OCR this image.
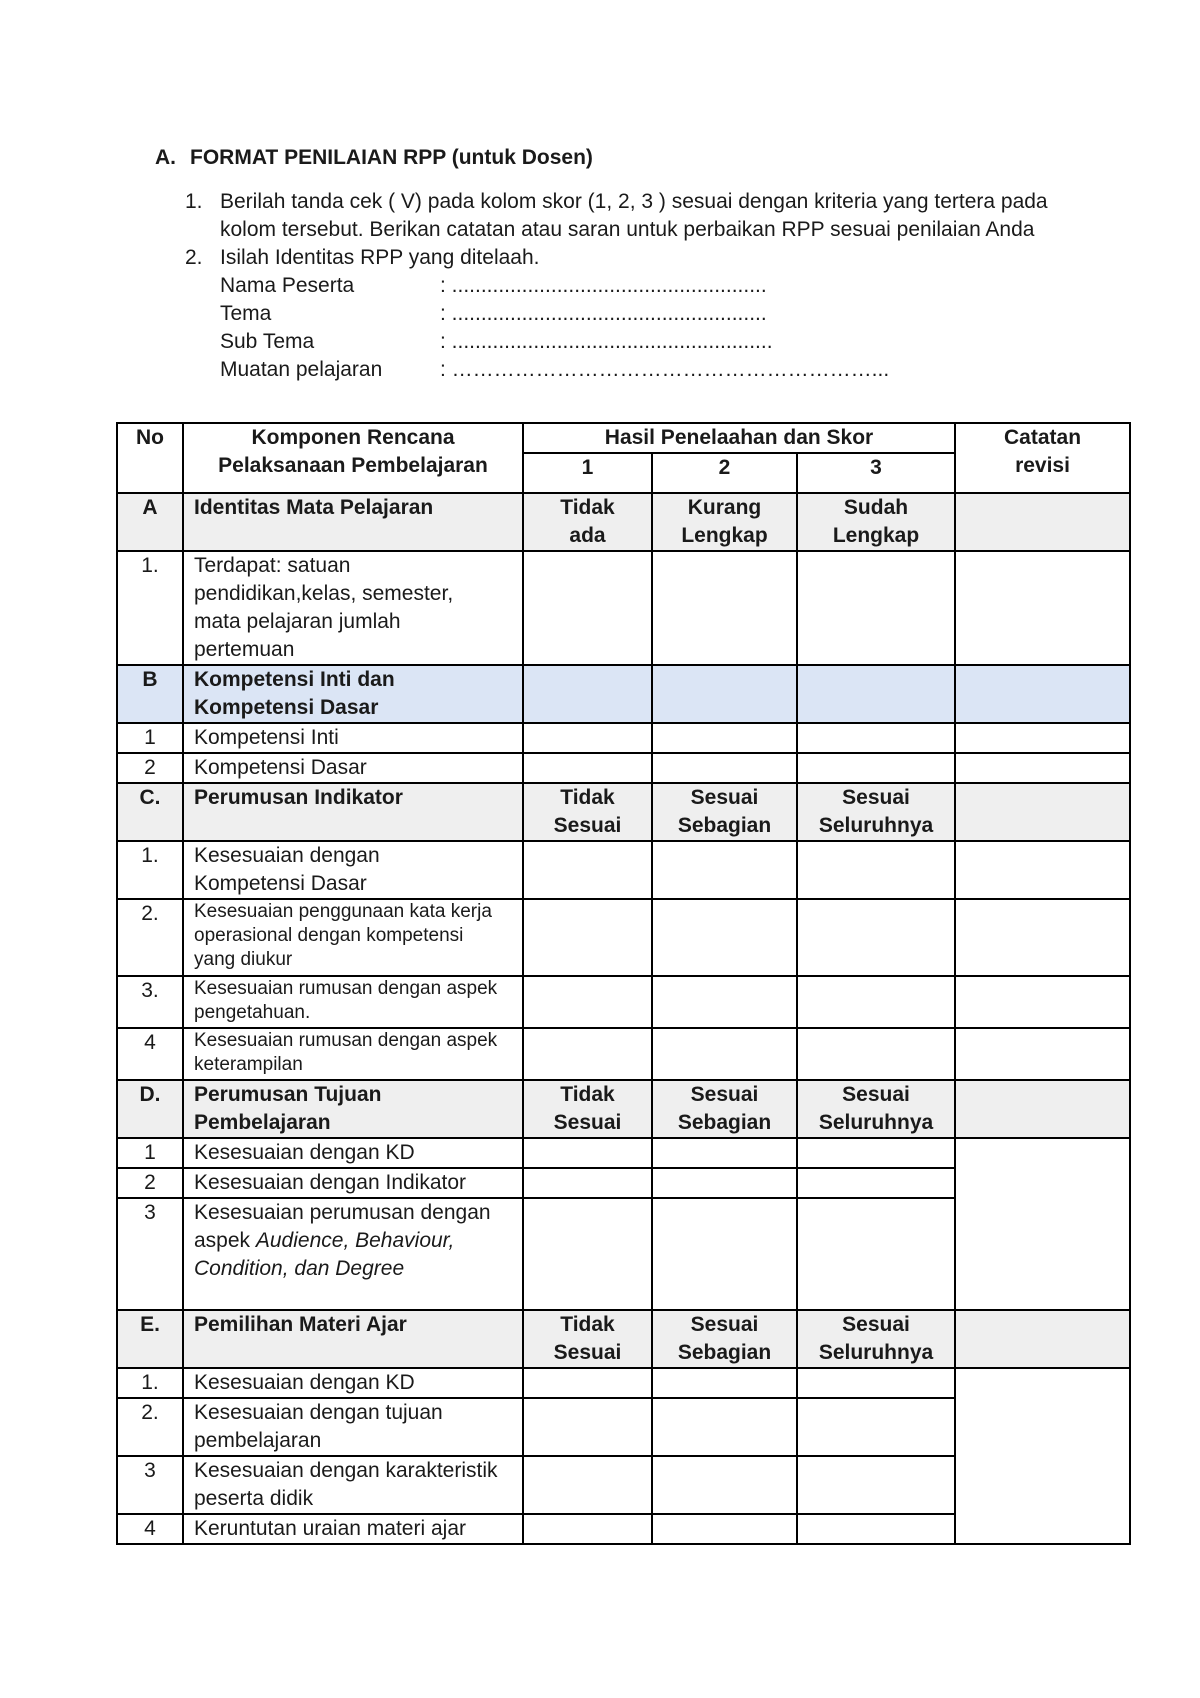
A. FORMAT PENILAIAN RPP (untuk Dosen)
1. Berilah tanda cek ( V) pada kolom skor (1, 2, 3 ) sesuai dengan kriteria yang tertera pada kolom tersebut. Berikan catatan atau saran untuk perbaikan RPP sesuai penilaian Anda
2. Isilah Identitas RPP yang ditelaah.
Nama Peserta	: ......................................................
Tema	: ......................................................
Sub Tema	: .......................................................
Muatan pelajaran	: ……………………………………………………...
No	Komponen Rencana Pelaksanaan Pembelajaran	Hasil Penelaahan dan Skor			Catatan revisi
		1	2	3	
A	Identitas Mata Pelajaran	Tidak ada	Kurang Lengkap	Sudah Lengkap	
1.	Terdapat: satuan pendidikan,kelas, semester, mata pelajaran jumlah pertemuan				
B	Kompetensi Inti dan Kompetensi Dasar				
1	Kompetensi Inti				
2	Kompetensi Dasar				
C.	Perumusan Indikator	Tidak Sesuai	Sesuai Sebagian	Sesuai Seluruhnya	
1.	Kesesuaian dengan Kompetensi Dasar				
2.	Kesesuaian penggunaan kata kerja operasional dengan kompetensi yang diukur				
3.	Kesesuaian rumusan dengan aspek pengetahuan.				
4	Kesesuaian rumusan dengan aspek keterampilan				
D.	Perumusan Tujuan Pembelajaran	Tidak Sesuai	Sesuai Sebagian	Sesuai Seluruhnya	
1	Kesesuaian dengan KD				
2	Kesesuaian dengan Indikator				
3	Kesesuaian perumusan dengan aspek Audience, Behaviour, Condition, dan Degree				
E.	Pemilihan Materi Ajar	Tidak Sesuai	Sesuai Sebagian	Sesuai Seluruhnya	
1.	Kesesuaian dengan KD				
2.	Kesesuaian dengan tujuan pembelajaran				
3	Kesesuaian dengan karakteristik peserta didik				
4	Keruntutan uraian materi ajar				
